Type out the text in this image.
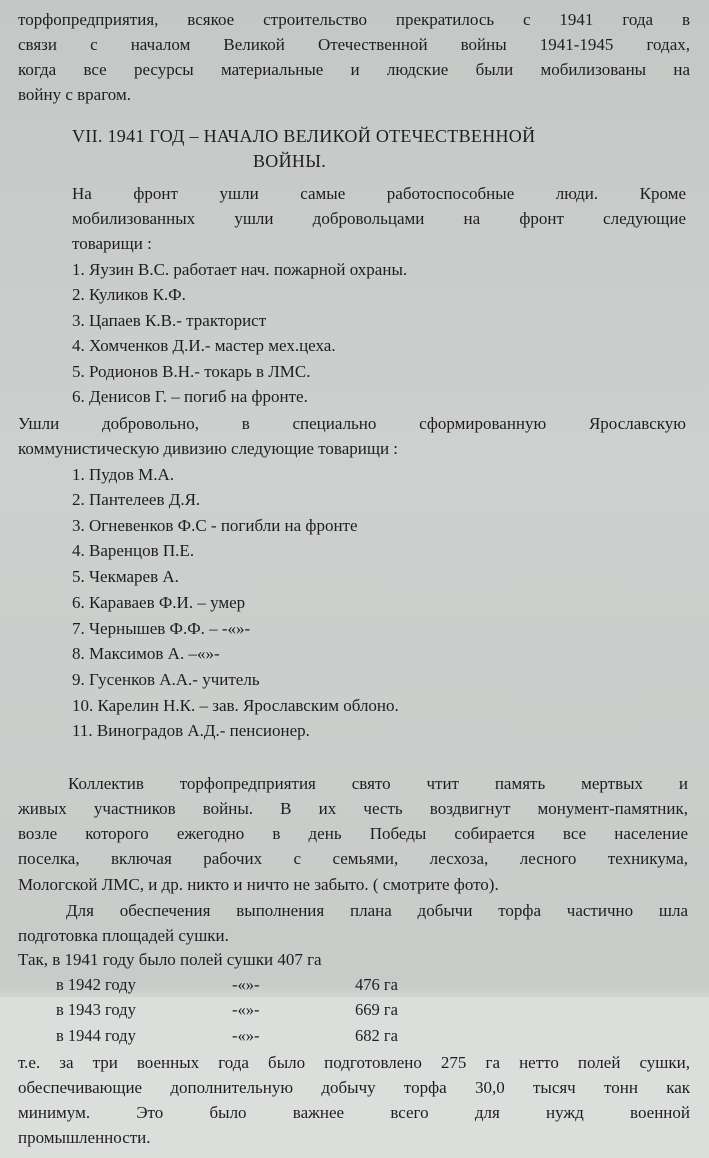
торфопредприятия, всякое строительство прекратилось с 1941 года в
связи с началом Великой Отечественной войны 1941-1945 годах,
когда все ресурсы материальные и людские были мобилизованы на
войну с врагом.
VII. 1941 ГОД – НАЧАЛО ВЕЛИКОЙ ОТЕЧЕСТВЕННОЙ
ВОЙНЫ.
На фронт ушли самые работоспособные люди. Кроме
мобилизованных ушли добровольцами на фронт следующие
товарищи :
1. Яузин В.С. работает нач. пожарной охраны.
2. Куликов К.Ф.
3. Цапаев К.В.- тракторист
4. Хомченков Д.И.- мастер мех.цеха.
5. Родионов В.Н.- токарь в ЛМС.
6. Денисов Г. – погиб на фронте.
Ушли добровольно, в специально сформированную Ярославскую
коммунистическую дивизию следующие товарищи :
1. Пудов М.А.
2. Пантелеев Д.Я.
3. Огневенков Ф.С - погибли на фронте
4. Варенцов П.Е.
5. Чекмарев А.
6. Караваев Ф.И. – умер
7. Чернышев Ф.Ф. – -«»-
8. Максимов А. –«»-
9. Гусенков А.А.- учитель
10. Карелин Н.К. – зав. Ярославским облоно.
11. Виноградов А.Д.- пенсионер.
Коллектив торфопредприятия свято чтит память мертвых и
живых участников войны. В их честь воздвигнут монумент-памятник,
возле которого ежегодно в день Победы собирается все население
поселка, включая рабочих с семьями, лесхоза, лесного техникума,
Мологской ЛМС, и др. никто и ничто не забыто. ( смотрите фото).
Для обеспечения выполнения плана добычи торфа частично шла
подготовка площадей сушки.
Так, в 1941 году было полей сушки 407 га
в 1942 году	-«»-	476 га
в 1943 году	-«»-	669 га
в 1944 году	-«»-	682 га
т.е. за три военных года было подготовлено 275 га нетто полей сушки,
обеспечивающие дополнительную добычу торфа 30,0 тысяч тонн как
минимум. Это было важнее всего для нужд военной
промышленности.
